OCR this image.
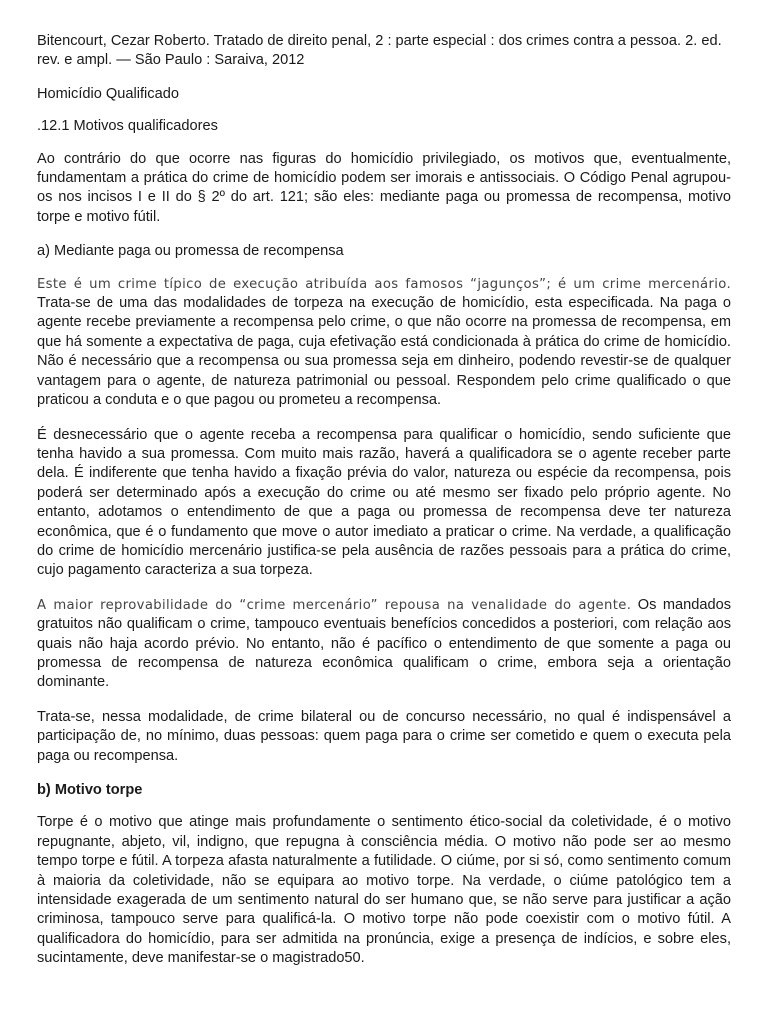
Bitencourt, Cezar Roberto. Tratado de direito penal, 2 : parte especial : dos crimes contra a pessoa. 2. ed. rev. e ampl. — São Paulo : Saraiva, 2012

Homicídio Qualificado

.12.1 Motivos qualificadores

Ao contrário do que ocorre nas figuras do homicídio privilegiado, os motivos que, eventualmente, fundamentam a prática do crime de homicídio podem ser imorais e antissociais. O Código Penal agrupou-os nos incisos I e II do § 2º do art. 121; são eles: mediante paga ou promessa de recompensa, motivo torpe e motivo fútil.

a) Mediante paga ou promessa de recompensa

Este é um crime típico de execução atribuída aos famosos “jagunços”; é um crime mercenário. Trata-se de uma das modalidades de torpeza na execução de homicídio, esta especificada. Na paga o agente recebe previamente a recompensa pelo crime, o que não ocorre na promessa de recompensa, em que há somente a expectativa de paga, cuja efetivação está condicionada à prática do crime de homicídio. Não é necessário que a recompensa ou sua promessa seja em dinheiro, podendo revestir-se de qualquer vantagem para o agente, de natureza patrimonial ou pessoal. Respondem pelo crime qualificado o que praticou a conduta e o que pagou ou prometeu a recompensa.

É desnecessário que o agente receba a recompensa para qualificar o homicídio, sendo suficiente que tenha havido a sua promessa. Com muito mais razão, haverá a qualificadora se o agente receber parte dela. É indiferente que tenha havido a fixação prévia do valor, natureza ou espécie da recompensa, pois poderá ser determinado após a execução do crime ou até mesmo ser fixado pelo próprio agente. No entanto, adotamos o entendimento de que a paga ou promessa de recompensa deve ter natureza econômica, que é o fundamento que move o autor imediato a praticar o crime. Na verdade, a qualificação do crime de homicídio mercenário justifica-se pela ausência de razões pessoais para a prática do crime, cujo pagamento caracteriza a sua torpeza.

A maior reprovabilidade do “crime mercenário” repousa na venalidade do agente. Os mandados gratuitos não qualificam o crime, tampouco eventuais benefícios concedidos a posteriori, com relação aos quais não haja acordo prévio. No entanto, não é pacífico o entendimento de que somente a paga ou promessa de recompensa de natureza econômica qualificam o crime, embora seja a orientação dominante.

Trata-se, nessa modalidade, de crime bilateral ou de concurso necessário, no qual é indispensável a participação de, no mínimo, duas pessoas: quem paga para o crime ser cometido e quem o executa pela paga ou recompensa.

b) Motivo torpe

Torpe é o motivo que atinge mais profundamente o sentimento ético-social da coletividade, é o motivo repugnante, abjeto, vil, indigno, que repugna à consciência média. O motivo não pode ser ao mesmo tempo torpe e fútil. A torpeza afasta naturalmente a futilidade. O ciúme, por si só, como sentimento comum à maioria da coletividade, não se equipara ao motivo torpe. Na verdade, o ciúme patológico tem a intensidade exagerada de um sentimento natural do ser humano que, se não serve para justificar a ação criminosa, tampouco serve para qualificá-la. O motivo torpe não pode coexistir com o motivo fútil. A qualificadora do homicídio, para ser admitida na pronúncia, exige a presença de indícios, e sobre eles, sucintamente, deve manifestar-se o magistrado50.
